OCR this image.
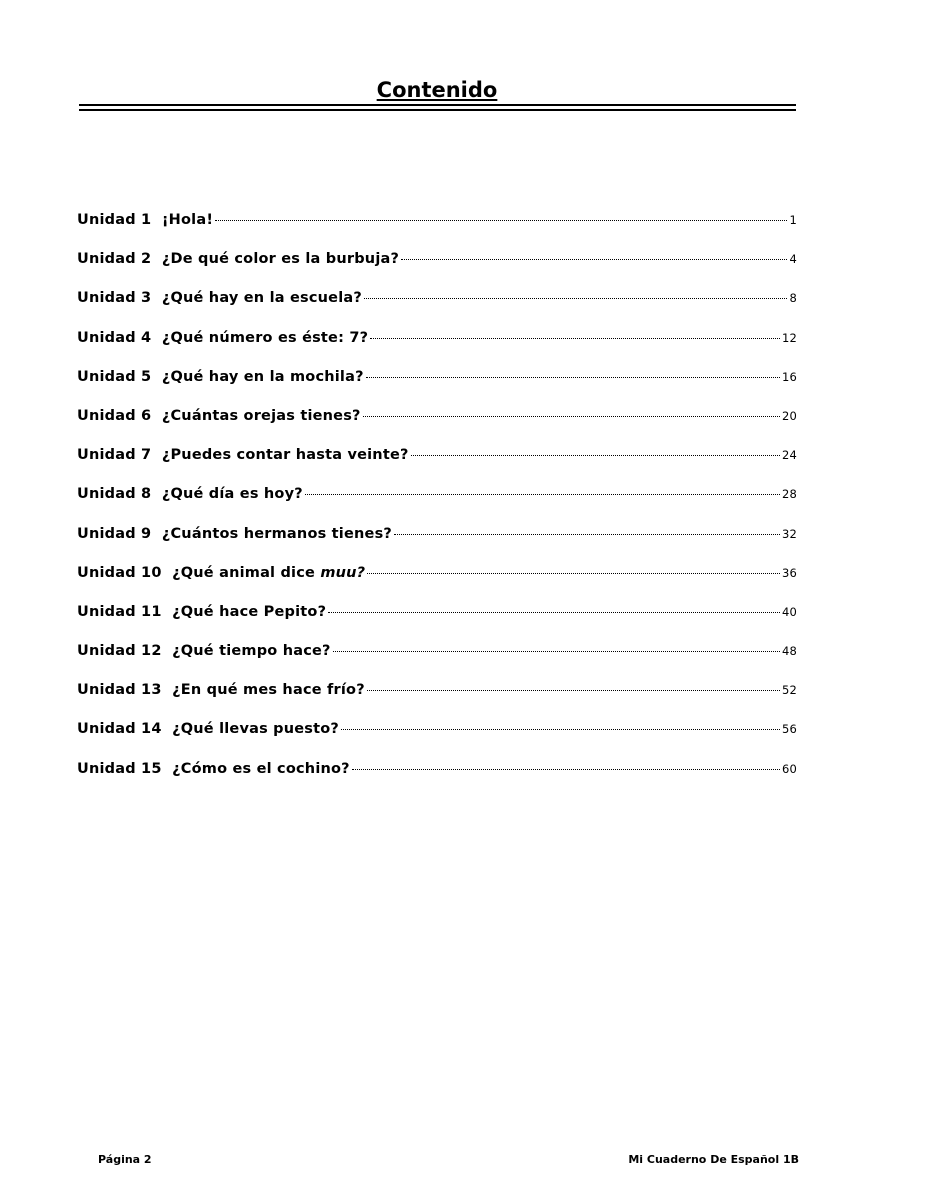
Contenido
Unidad 1 ¡Hola!	1
Unidad 2 ¿De qué color es la burbuja?	4
Unidad 3 ¿Qué hay en la escuela?	8
Unidad 4 ¿Qué número es éste: 7?	12
Unidad 5 ¿Qué hay en la mochila?	16
Unidad 6 ¿Cuántas orejas tienes?	20
Unidad 7 ¿Puedes contar hasta veinte?	24
Unidad 8 ¿Qué día es hoy?	28
Unidad 9 ¿Cuántos hermanos tienes?	32
Unidad 10 ¿Qué animal dice muu?	36
Unidad 11 ¿Qué hace Pepito?	40
Unidad 12 ¿Qué tiempo hace?	48
Unidad 13 ¿En qué mes hace frío?	52
Unidad 14 ¿Qué llevas puesto?	56
Unidad 15 ¿Cómo es el cochino?	60
Página 2	Mi Cuaderno De Español 1B
